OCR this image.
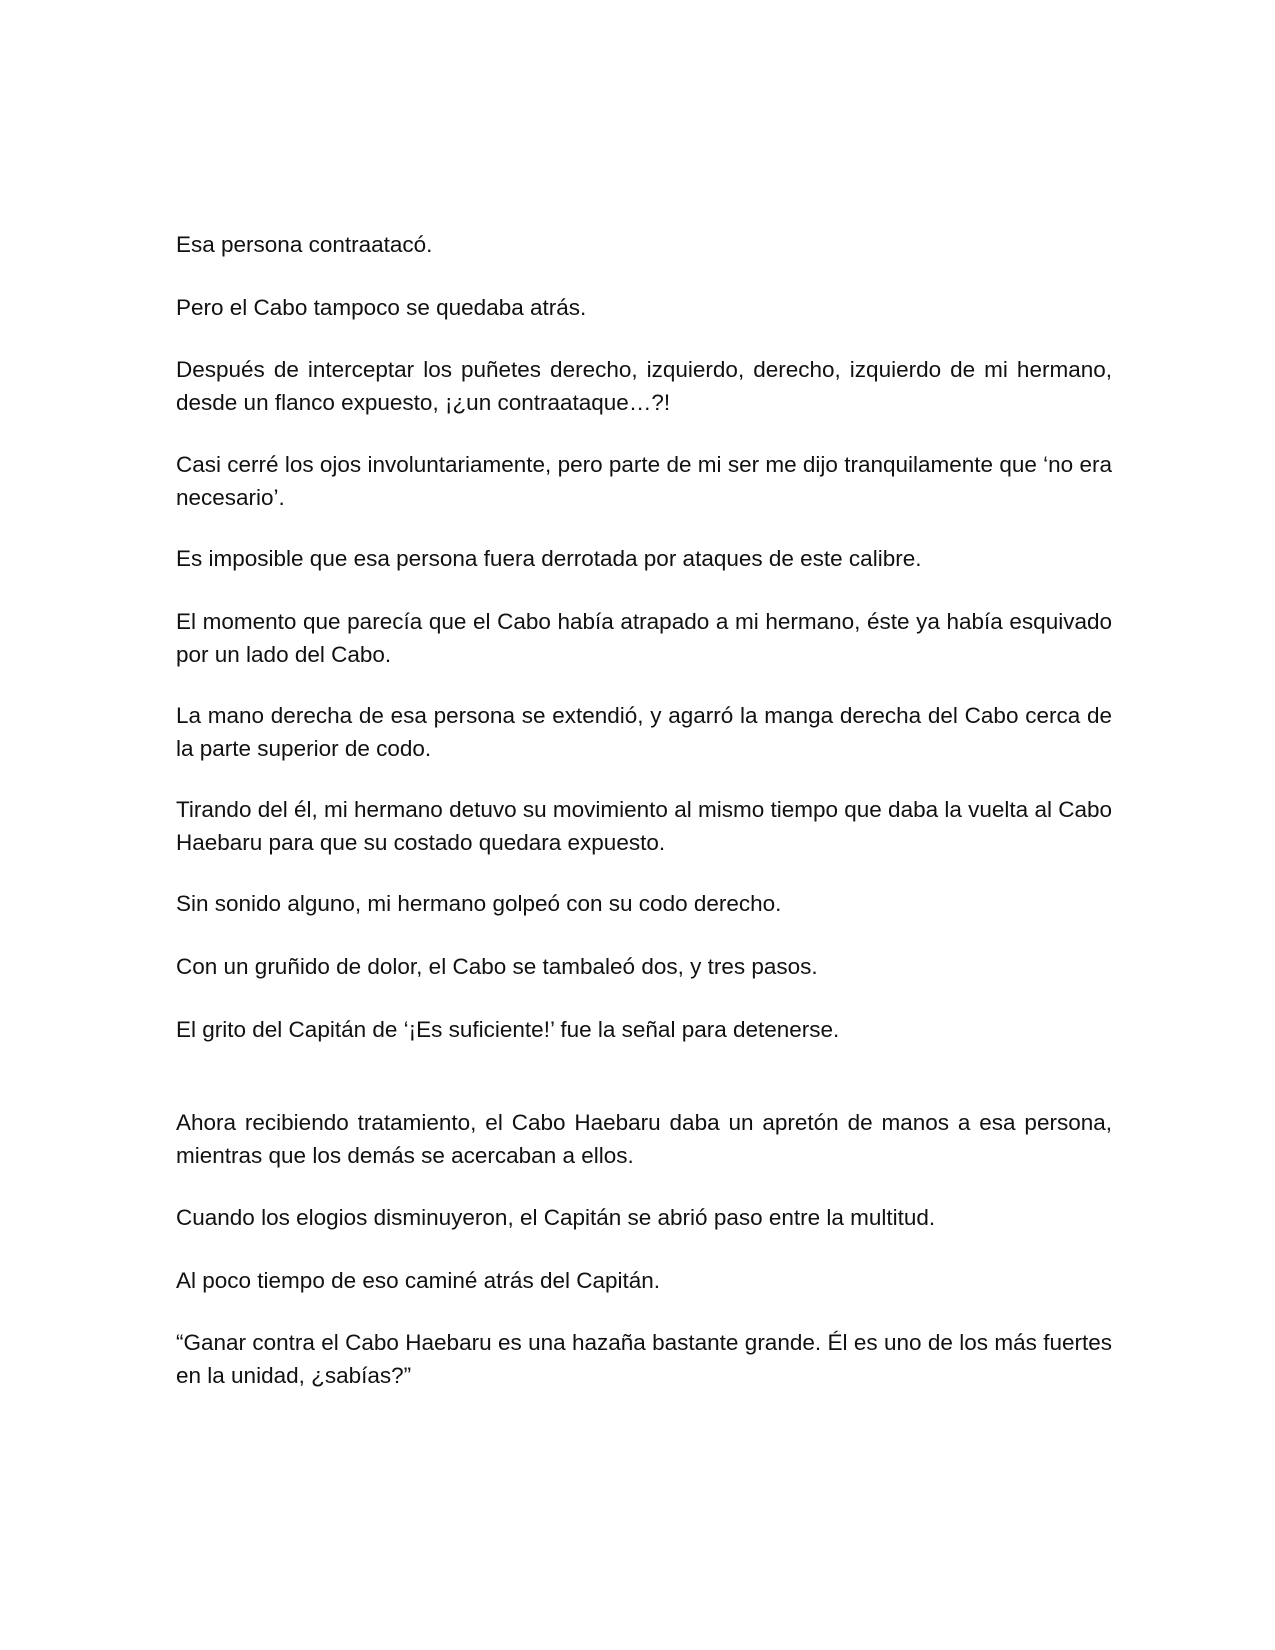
Esa persona contraatacó.

Pero el Cabo tampoco se quedaba atrás.

Después de interceptar los puñetes derecho, izquierdo, derecho, izquierdo de mi hermano, desde un flanco expuesto, ¡¿un contraataque…?!

Casi cerré los ojos involuntariamente, pero parte de mi ser me dijo tranquilamente que ‘no era necesario’.

Es imposible que esa persona fuera derrotada por ataques de este calibre.

El momento que parecía que el Cabo había atrapado a mi hermano, éste ya había esquivado por un lado del Cabo.

La mano derecha de esa persona se extendió, y agarró la manga derecha del Cabo cerca de la parte superior de codo.

Tirando del él, mi hermano detuvo su movimiento al mismo tiempo que daba la vuelta al Cabo Haebaru para que su costado quedara expuesto.

Sin sonido alguno, mi hermano golpeó con su codo derecho.

Con un gruñido de dolor, el Cabo se tambaleó dos, y tres pasos.

El grito del Capitán de ‘¡Es suficiente!’ fue la señal para detenerse.

Ahora recibiendo tratamiento, el Cabo Haebaru daba un apretón de manos a esa persona, mientras que los demás se acercaban a ellos.

Cuando los elogios disminuyeron, el Capitán se abrió paso entre la multitud.

Al poco tiempo de eso caminé atrás del Capitán.

“Ganar contra el Cabo Haebaru es una hazaña bastante grande. Él es uno de los más fuertes en la unidad, ¿sabías?”
